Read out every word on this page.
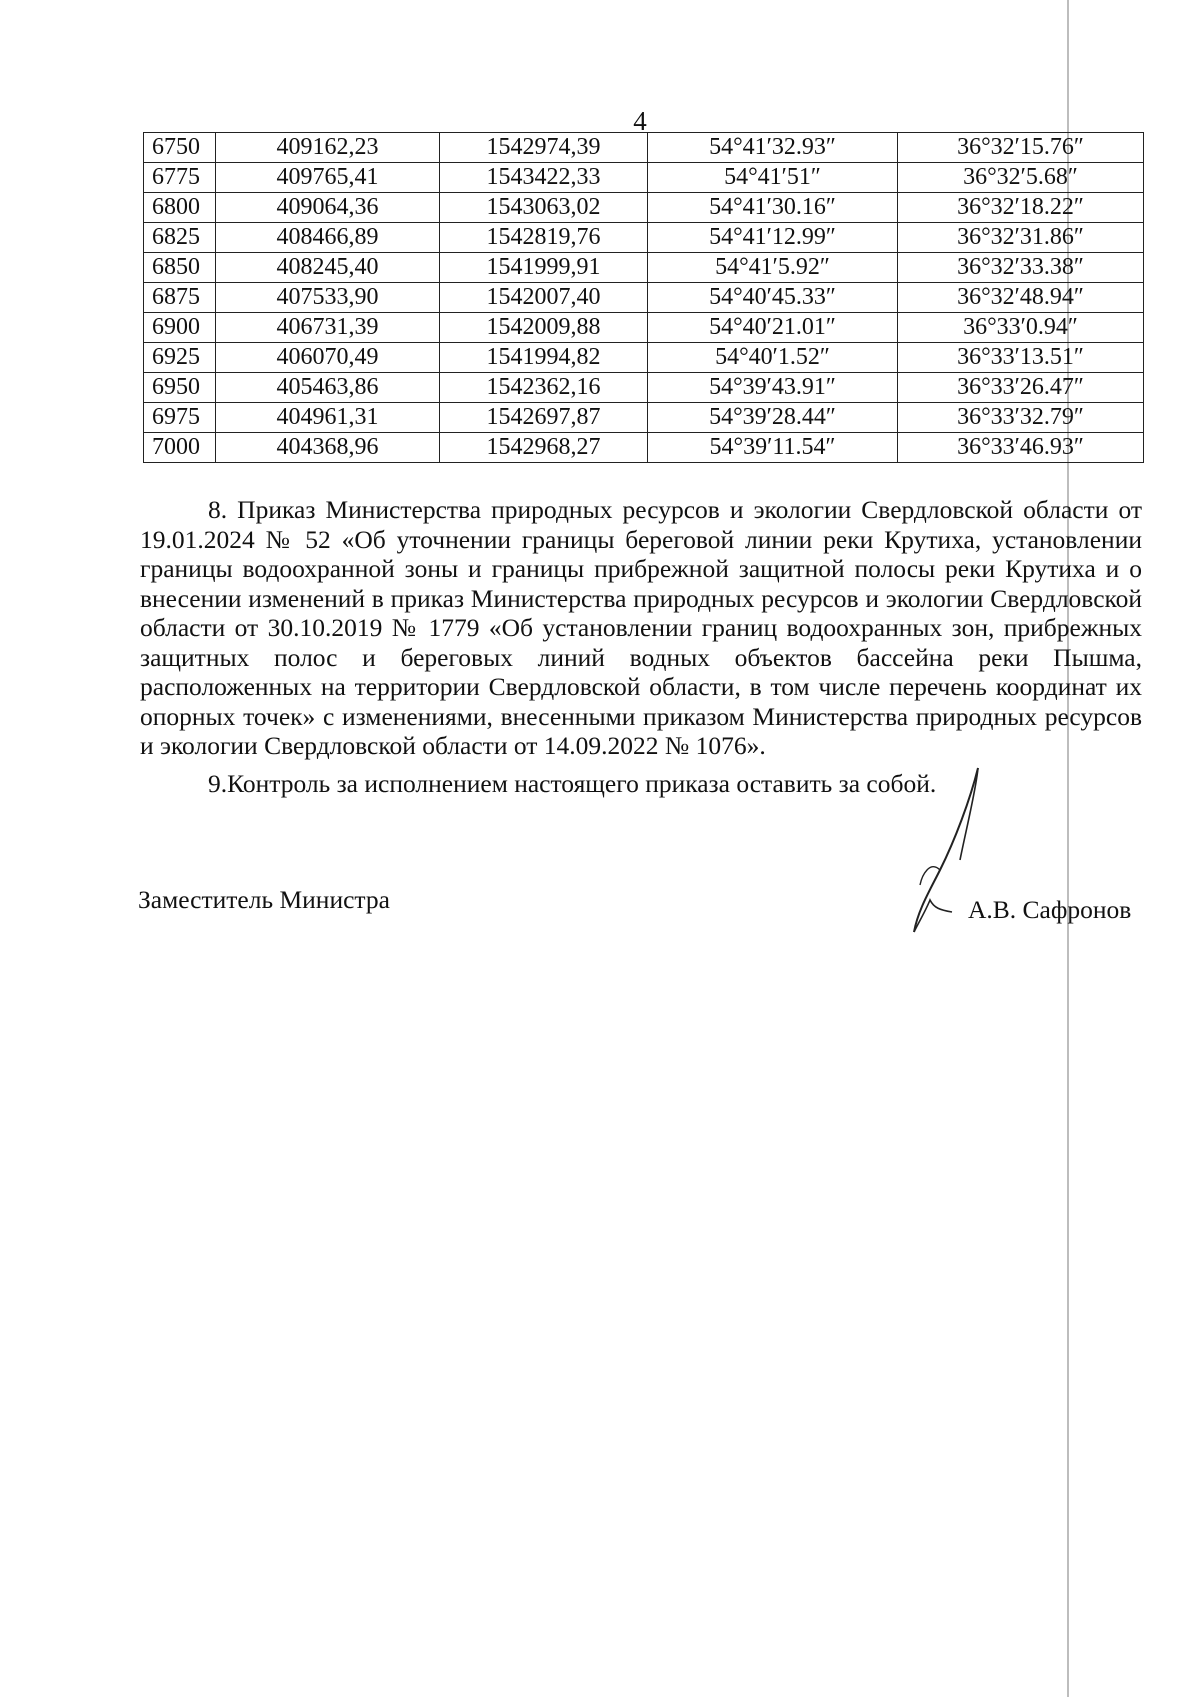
4
6750	409162,23	1542974,39	54°41′32.93″	36°32′15.76″
6775	409765,41	1543422,33	54°41′51″	36°32′5.68″
6800	409064,36	1543063,02	54°41′30.16″	36°32′18.22″
6825	408466,89	1542819,76	54°41′12.99″	36°32′31.86″
6850	408245,40	1541999,91	54°41′5.92″	36°32′33.38″
6875	407533,90	1542007,40	54°40′45.33″	36°32′48.94″
6900	406731,39	1542009,88	54°40′21.01″	36°33′0.94″
6925	406070,49	1541994,82	54°40′1.52″	36°33′13.51″
6950	405463,86	1542362,16	54°39′43.91″	36°33′26.47″
6975	404961,31	1542697,87	54°39′28.44″	36°33′32.79″
7000	404368,96	1542968,27	54°39′11.54″	36°33′46.93″

8. Приказ Министерства природных ресурсов и экологии Свердловской области от 19.01.2024 № 52 «Об уточнении границы береговой линии реки Крутиха, установлении границы водоохранной зоны и границы прибрежной защитной полосы реки Крутиха и о внесении изменений в приказ Министерства природных ресурсов и экологии Свердловской области от 30.10.2019 № 1779 «Об установлении границ водоохранных зон, прибрежных защитных полос и береговых линий водных объектов бассейна реки Пышма, расположенных на территории Свердловской области, в том числе перечень координат их опорных точек» с изменениями, внесенными приказом Министерства природных ресурсов и экологии Свердловской области от 14.09.2022 № 1076».

9.Контроль за исполнением настоящего приказа оставить за собой.

Заместитель Министра	А.В. Сафронов
